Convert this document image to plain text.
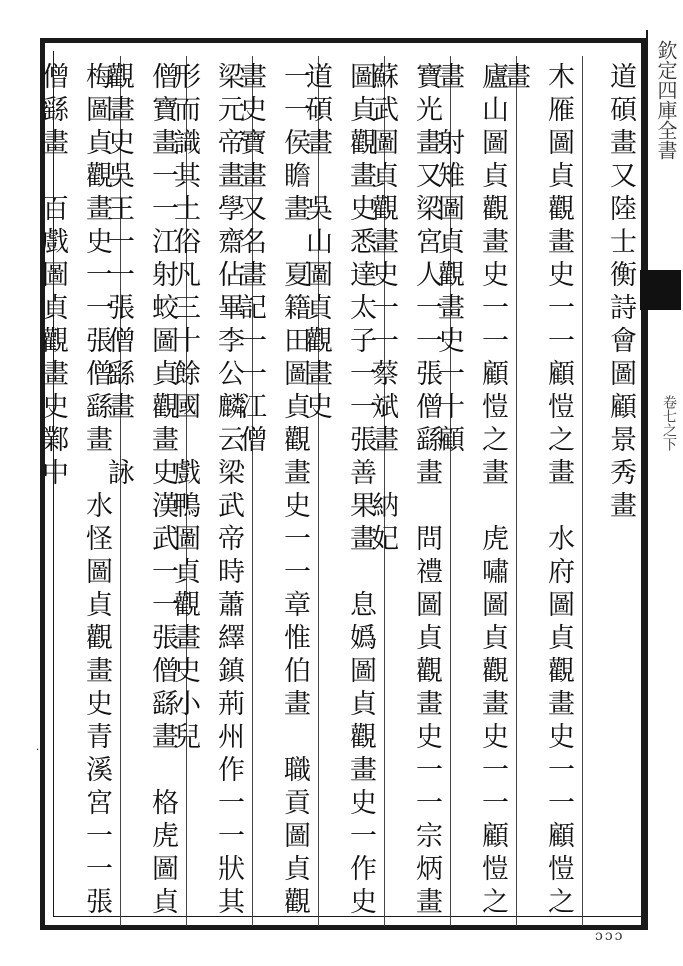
欽定四庫全書
卷七之下
道碩畫又陸士衡詩會圖顧景秀畫
木雁圖貞觀畫史一一顧愷之畫　水府圖貞觀畫史一一顧愷之畫
廬山圖貞觀畫史一一顧愷之畫　虎嘯圖貞觀畫史一一顧愷之畫　射雉圖貞觀畫史一十顧
寶光畫又梁宮人一一張僧繇畫　問禮圖貞觀畫史一一宗炳畫　蘇武圖貞觀畫史一一蔡斌畫　納妃
圖貞觀畫史悉達太子一一張善果畫　息嬀圖貞觀畫史一作史道碩畫　吳山圖貞觀畫史
一一侯瞻畫　夏籍田圖貞觀畫史一一章惟伯畫　職貢圖貞觀畫史寶畫又名畫記一一江僧
梁元帝畫學齋佔畢李公麟云梁武帝時蕭繹鎮荊州作一一狀其形而識其土俗凡三十餘國　戲鴨圖貞觀畫史小兒
僧寶畫一一江射蛟圖貞觀畫史漢武一一張僧繇畫　格虎圖貞觀畫史吳王一一張僧繇畫　詠
梅圖貞觀畫史一一張僧繇畫　水怪圖貞觀畫史青溪宮一一張僧繇畫　百戲圖貞觀畫史鄴中
ɔɔɔ
·
